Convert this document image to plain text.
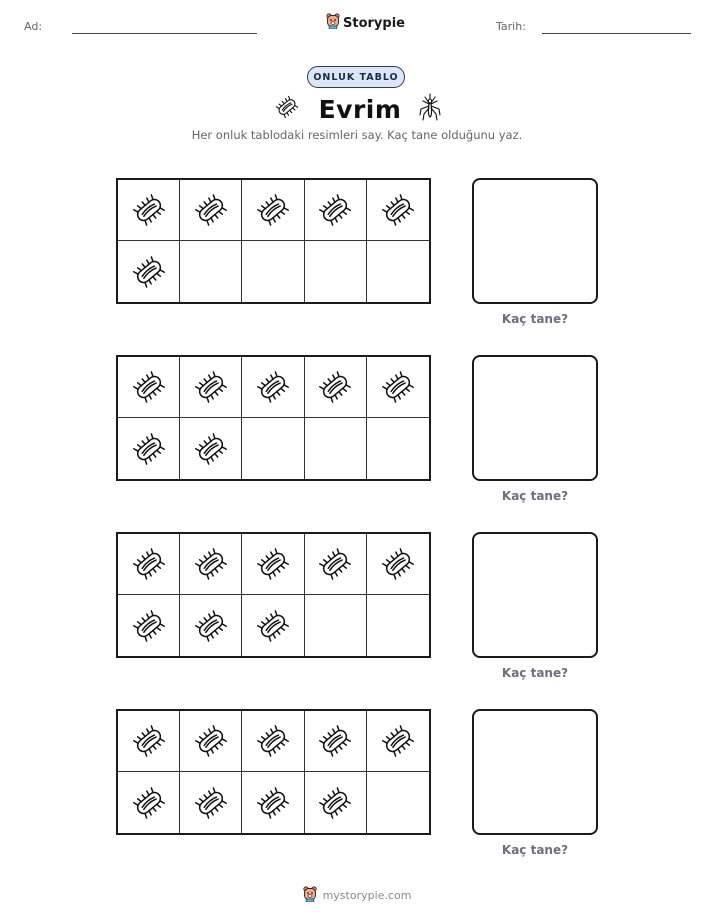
Ad:	Storypie	Tarih:
ONLUK TABLO
Evrim
Her onluk tablodaki resimleri say. Kaç tane olduğunu yaz.
Kaç tane?
Kaç tane?
Kaç tane?
Kaç tane?
mystorypie.com
